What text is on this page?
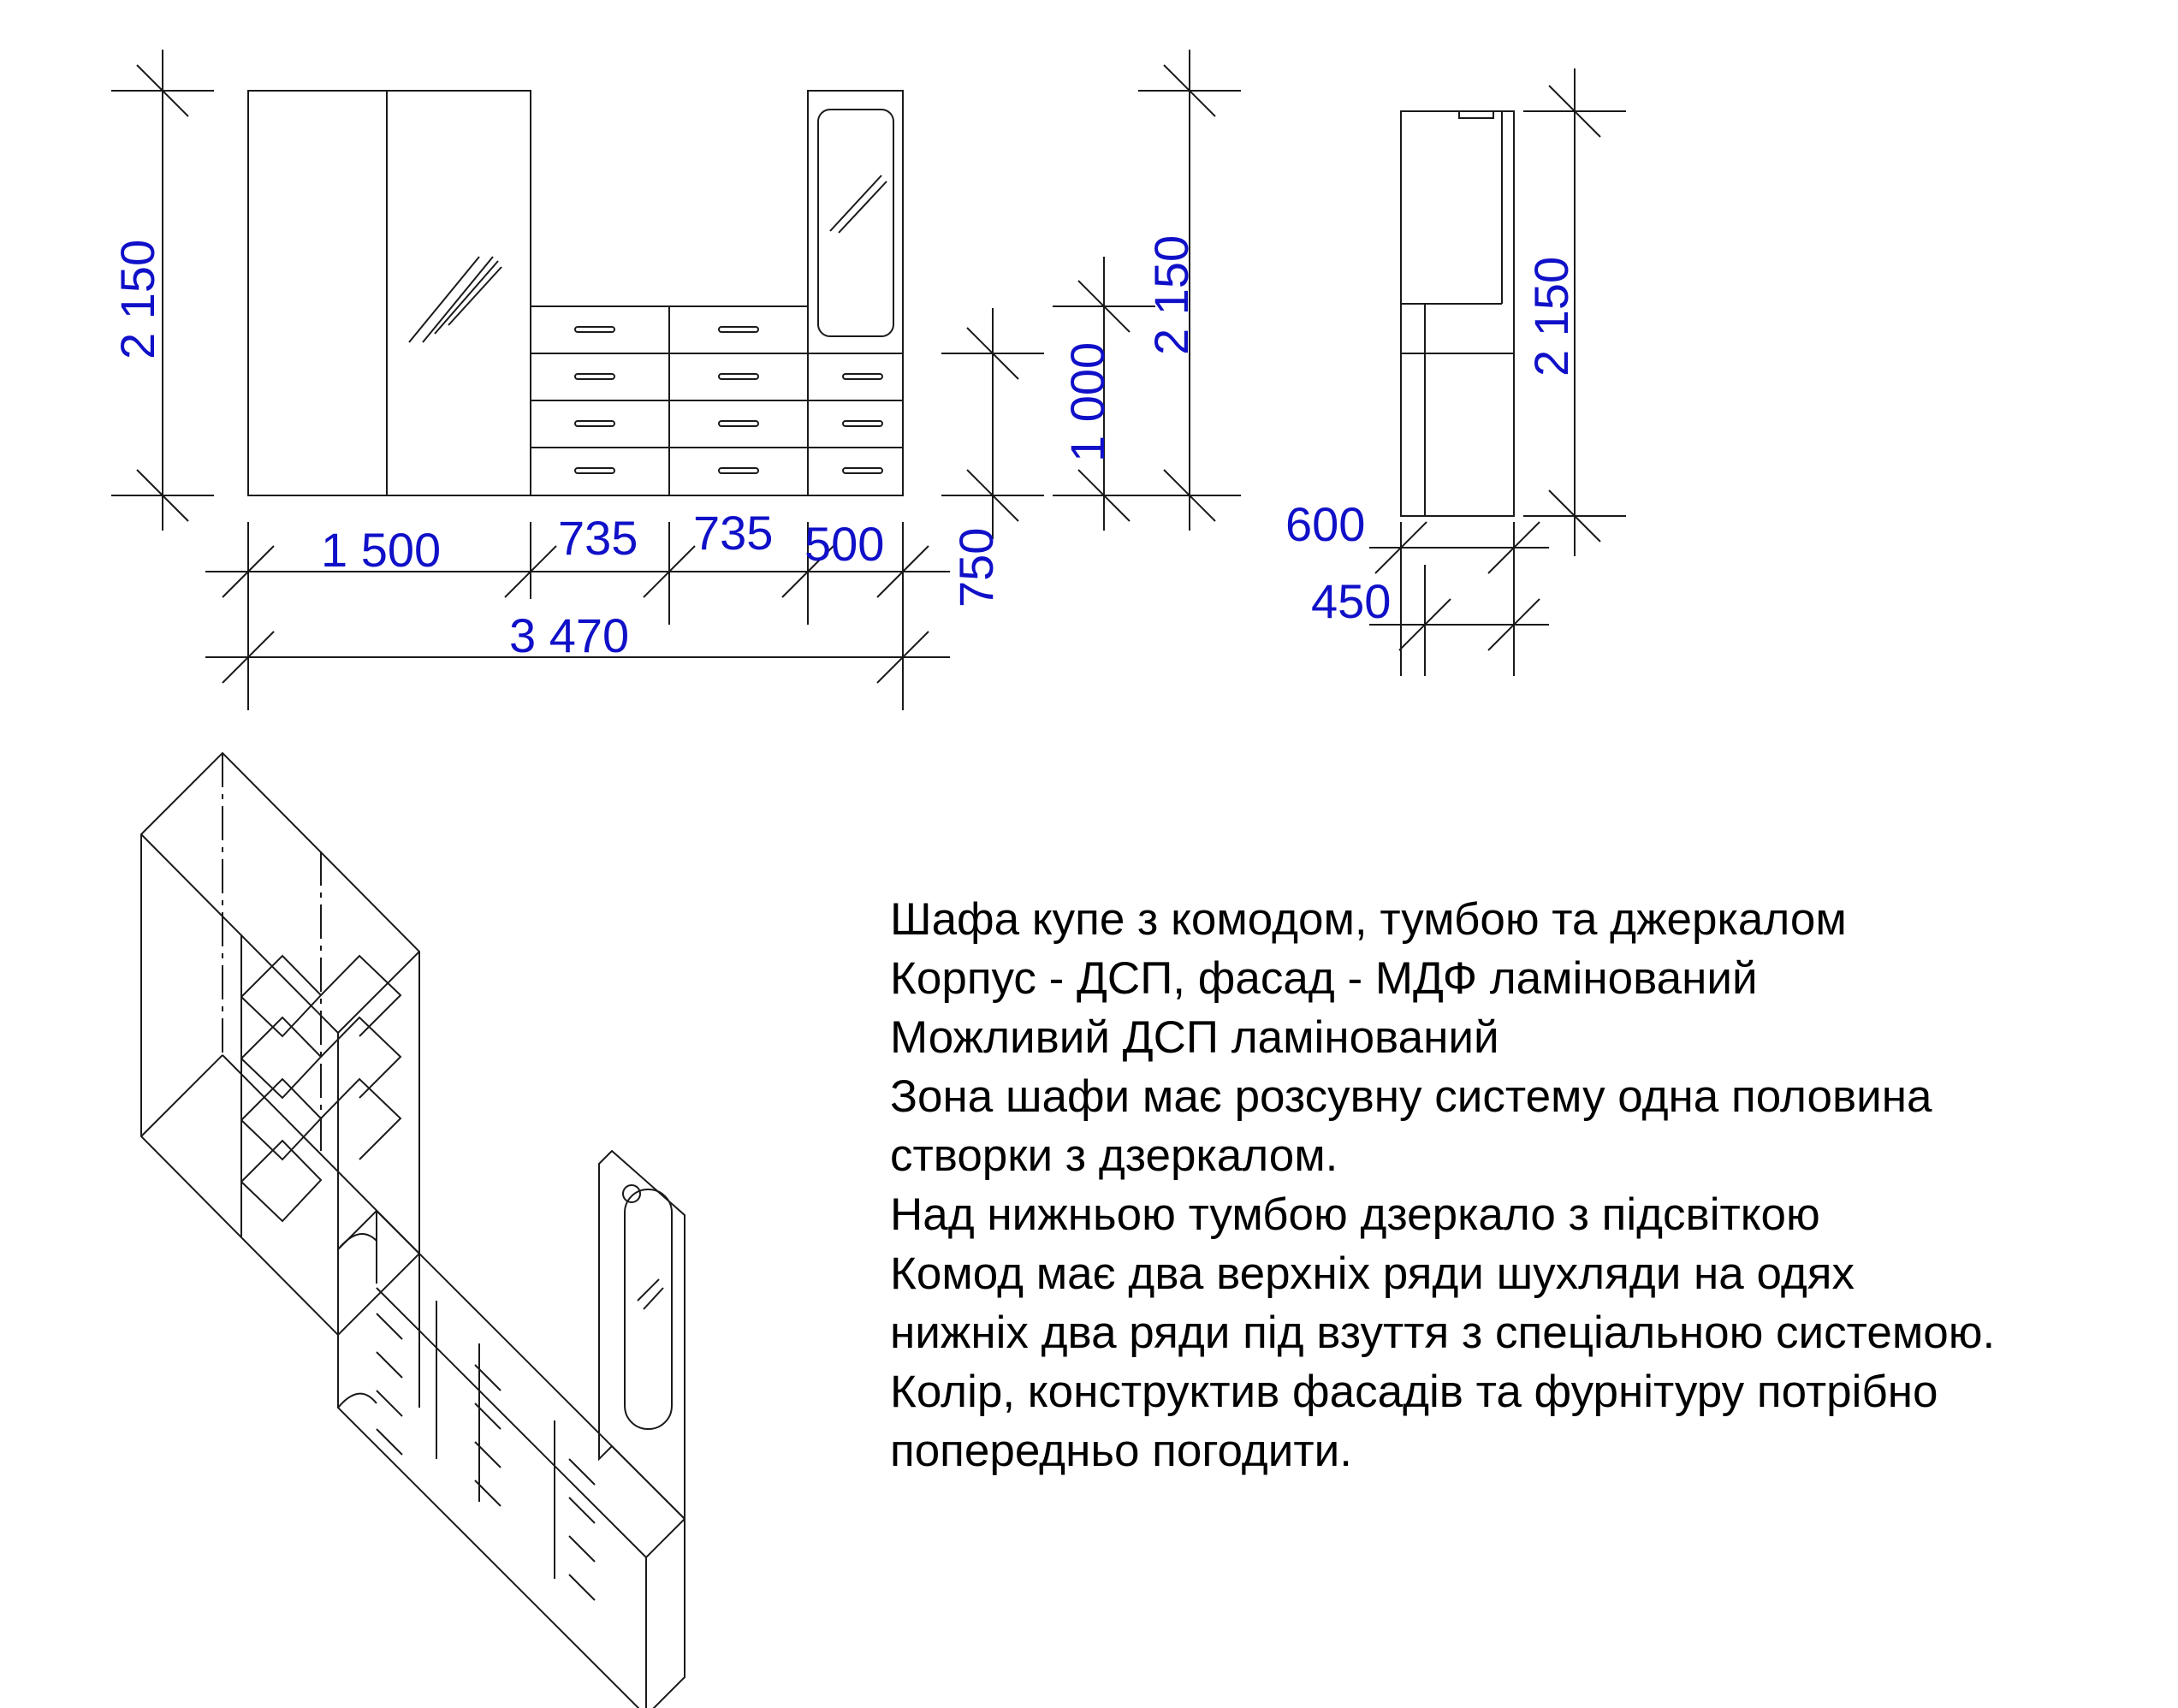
2 150
1 500 735 735 500
3 470
750
1 000
2 150	2 150
600
450
Шафа купе з комодом, тумбою та джеркалом
Корпус - ДСП, фасад - МДФ ламінований
Можливий ДСП ламінований
Зона шафи має розсувну систему одна половина
створки з дзеркалом.
Над нижньою тумбою дзеркало з підсвіткою
Комод має два верхніх ряди шухляди на одях
нижніх два ряди під взуття з спеціальною системою.
Колір, конструктив фасадів та фурнітуру потрібно
попередньо погодити.
